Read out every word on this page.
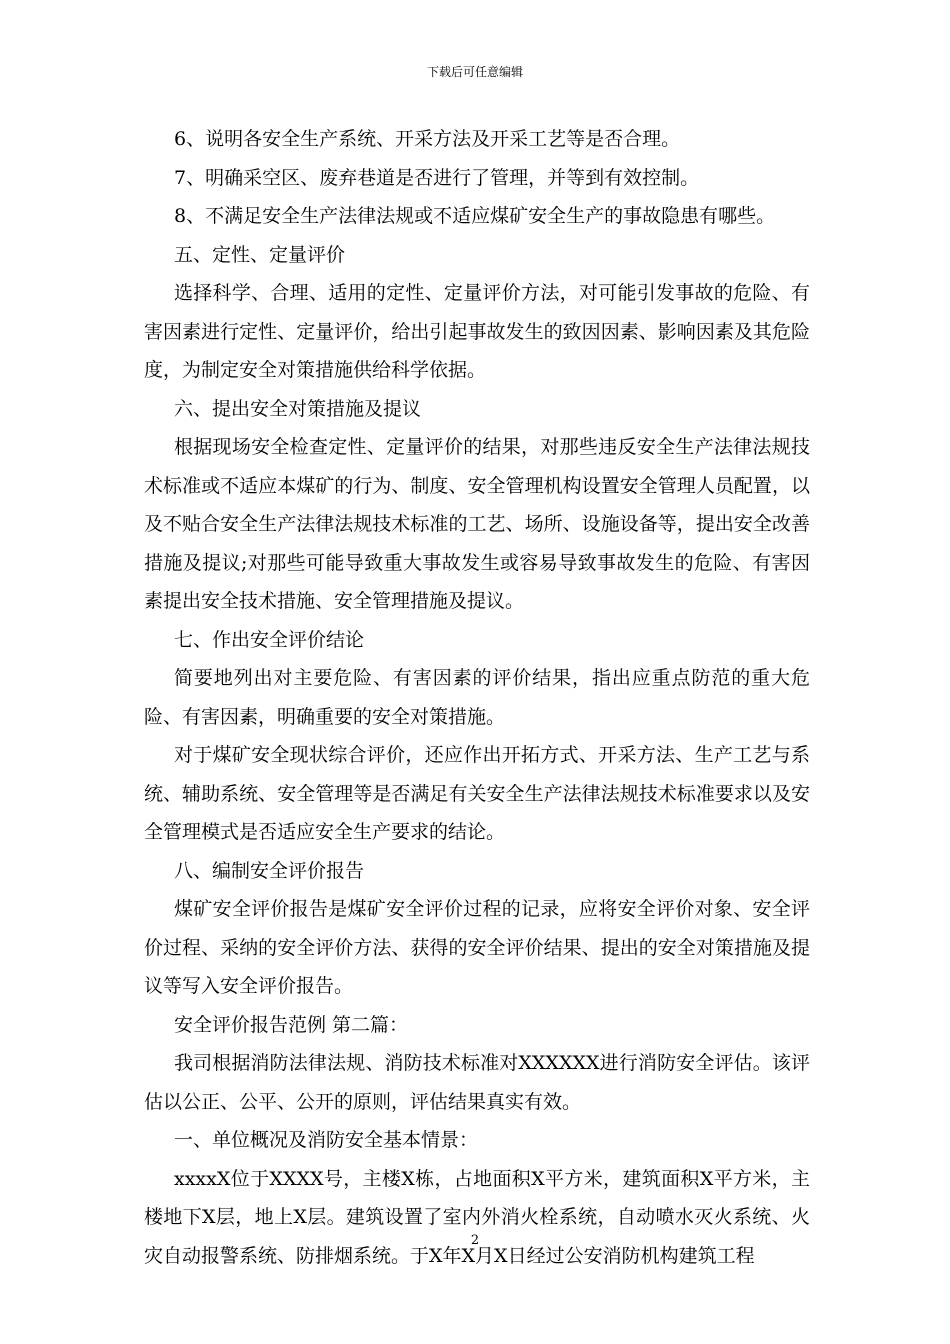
下载后可任意编辑

6、说明各安全生产系统、开采方法及开采工艺等是否合理。

7、明确采空区、废弃巷道是否进行了管理，并等到有效控制。

8、不满足安全生产法律法规或不适应煤矿安全生产的事故隐患有哪些。

五、定性、定量评价

选择科学、合理、适用的定性、定量评价方法，对可能引发事故的危险、有害因素进行定性、定量评价，给出引起事故发生的致因因素、影响因素及其危险度，为制定安全对策措施供给科学依据。

六、提出安全对策措施及提议

根据现场安全检查定性、定量评价的结果，对那些违反安全生产法律法规技术标准或不适应本煤矿的行为、制度、安全管理机构设置安全管理人员配置，以及不贴合安全生产法律法规技术标准的工艺、场所、设施设备等，提出安全改善措施及提议;对那些可能导致重大事故发生或容易导致事故发生的危险、有害因素提出安全技术措施、安全管理措施及提议。

七、作出安全评价结论

简要地列出对主要危险、有害因素的评价结果，指出应重点防范的重大危险、有害因素，明确重要的安全对策措施。

对于煤矿安全现状综合评价，还应作出开拓方式、开采方法、生产工艺与系统、辅助系统、安全管理等是否满足有关安全生产法律法规技术标准要求以及安全管理模式是否适应安全生产要求的结论。

八、编制安全评价报告

煤矿安全评价报告是煤矿安全评价过程的记录，应将安全评价对象、安全评价过程、采纳的安全评价方法、获得的安全评价结果、提出的安全对策措施及提议等写入安全评价报告。

安全评价报告范例 第二篇：

我司根据消防法律法规、消防技术标准对XXXXXX进行消防安全评估。该评估以公正、公平、公开的原则，评估结果真实有效。

一、单位概况及消防安全基本情景：

xxxxX位于XXXX号，主楼X栋，占地面积X平方米，建筑面积X平方米，主楼地下X层，地上X层。建筑设置了室内外消火栓系统，自动喷水灭火系统、火灾自动报警系统、防排烟系统。于X年X月X日经过公安消防机构建筑工程

2
